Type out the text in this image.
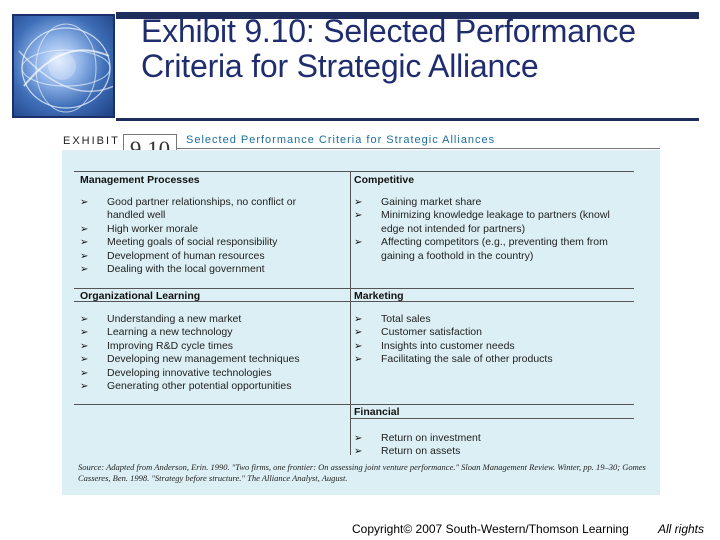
Exhibit 9.10: Selected Performance Criteria for Strategic Alliance
EXHIBIT	Selected Performance Criteria for Strategic Alliances
Management Processes
➢ Good partner relationships, no conflict or
handled well
➢ High worker morale
➢ Meeting goals of social responsibility
➢ Development of human resources
➢ Dealing with the local government
Competitive
➢ Gaining market share
➢ Minimizing knowledge leakage to partners (knowl
edge not intended for partners)
➢ Affecting competitors (e.g., preventing them from
gaining a foothold in the country)
Organizational Learning
➢ Understanding a new market
➢ Learning a new technology
➢ Improving R&D cycle times
➢ Developing new management techniques
➢ Developing innovative technologies
➢ Generating other potential opportunities
Marketing
➢ Total sales
➢ Customer satisfaction
➢ Insights into customer needs
➢ Facilitating the sale of other products
Financial
➢ Return on investment
➢ Return on assets
Source: Adapted from Anderson, Erin. 1990. "Two firms, one frontier: On assessing joint venture performance." Sloan Management Review. Winter, pp. 19–30; Gomes Casseres, Ben. 1998. "Strategy before structure." The Alliance Analyst, August.
Copyright© 2007 South-Western/Thomson Learning All rights
